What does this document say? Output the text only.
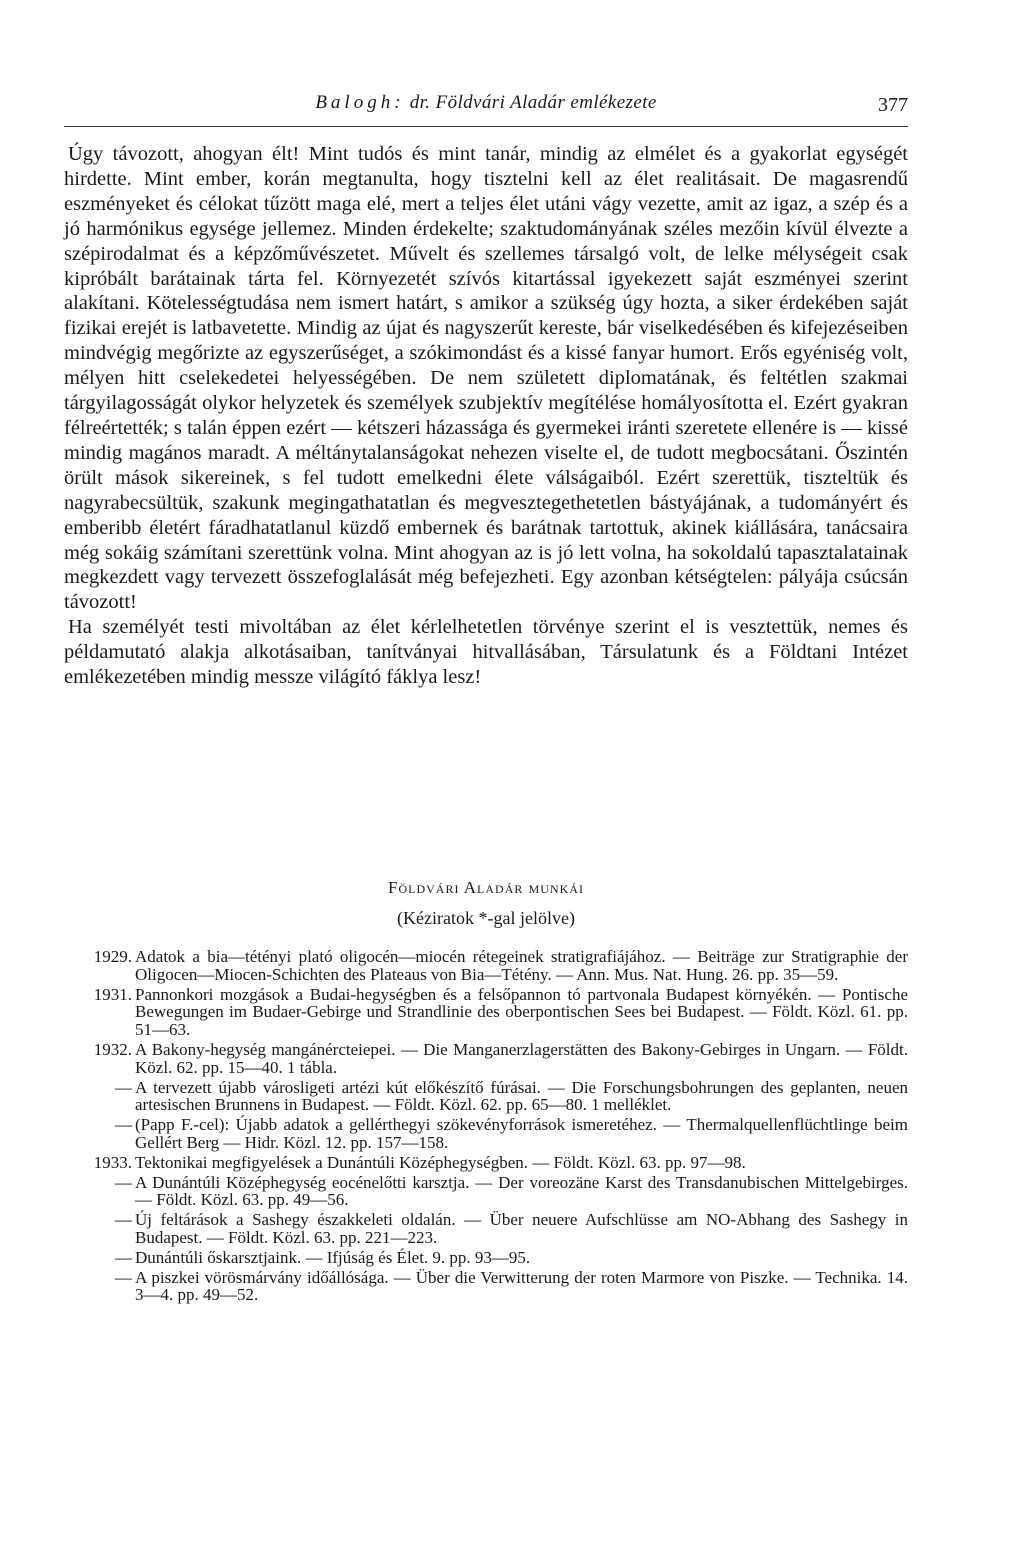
Balogh: dr. Földvári Aladár emlékezete	377

Úgy távozott, ahogyan élt! Mint tudós és mint tanár, mindig az elmélet és a gyakorlat egységét hirdette. Mint ember, korán megtanulta, hogy tisztelni kell az élet realitásait. De magasrendű eszményeket és célokat tűzött maga elé, mert a teljes élet utáni vágy vezette, amit az igaz, a szép és a jó harmónikus egysége jellemez. Minden érdekelte; szaktudományának széles mezőin kívül élvezte a szépirodalmat és a képzőművészetet. Művelt és szellemes társalgó volt, de lelke mélységeit csak kipróbált barátainak tárta fel. Környezetét szívós kitartással igyekezett saját eszményei szerint alakítani. Kötelességtudása nem ismert határt, s amikor a szükség úgy hozta, a siker érdekében saját fizikai erejét is latbavetette. Mindig az újat és nagyszerűt kereste, bár viselkedésében és kifejezéseiben mindvégig megőrizte az egyszerűséget, a szókimondást és a kissé fanyar humort. Erős egyéniség volt, mélyen hitt cselekedetei helyességében. De nem született diplomatának, és feltétlen szakmai tárgyilagosságát olykor helyzetek és személyek szubjektív megítélése homályosította el. Ezért gyakran félreértették; s talán éppen ezért — kétszeri házassága és gyermekei iránti szeretete ellenére is — kissé mindig magános maradt. A méltánytalanságokat nehezen viselte el, de tudott megbocsátani. Őszintén örült mások sikereinek, s fel tudott emelkedni élete válságaiból. Ezért szerettük, tiszteltük és nagyrabecsültük, szakunk megingathatatlan és megvesztegethetetlen bástyájának, a tudományért és emberibb életért fáradhatatlanul küzdő embernek és barátnak tartottuk, akinek kiállására, tanácsaira még sokáig számítani szerettünk volna. Mint ahogyan az is jó lett volna, ha sokoldalú tapasztalatainak megkezdett vagy tervezett összefoglalását még befejezheti. Egy azonban kétségtelen: pályája csúcsán távozott!

Ha személyét testi mivoltában az élet kérlelhetetlen törvénye szerint el is vesztettük, nemes és példamutató alakja alkotásaiban, tanítványai hitvallásában, Társulatunk és a Földtani Intézet emlékezetében mindig messze világító fáklya lesz!

Földvári Aladár munkái
(Kéziratok *-gal jelölve)
1929. Adatok a bia—tétényi plató oligocén—miocén rétegeinek stratigrafiájához. — Beiträge zur Stratigraphie der Oligocen—Miocen-Schichten des Plateaus von Bia—Tétény. — Ann. Mus. Nat. Hung. 26. pp. 35—59.
1931. Pannonkori mozgások a Budai-hegységben és a felsőpannon tó partvonala Budapest környékén. — Pontische Bewegungen im Budaer-Gebirge und Strandlinie des oberpontischen Sees bei Budapest. — Földt. Közl. 61. pp. 51—63.
1932. A Bakony-hegység mangánércteiepei. — Die Manganerzlagerstätten des Bakony-Gebirges in Ungarn. — Földt. Közl. 62. pp. 15—40. 1 tábla.
— A tervezett újabb városligeti artézi kút előkészítő fúrásai. — Die Forschungsbohrungen des geplanten, neuen artesischen Brunnens in Budapest. — Földt. Közl. 62. pp. 65—80. 1 melléklet.
— (Papp F.-cel): Újabb adatok a gellérthegyi szökevényforrások ismeretéhez. — Thermalquellenflüchtlinge beim Gellért Berg — Hidr. Közl. 12. pp. 157—158.
1933. Tektonikai megfigyelések a Dunántúli Középhegységben. — Földt. Közl. 63. pp. 97—98.
— A Dunántúli Középhegység eocénelőtti karsztja. — Der voreozäne Karst des Transdanubischen Mittelgebirges. — Földt. Közl. 63. pp. 49—56.
— Új feltárások a Sashegy északkeleti oldalán. — Über neuere Aufschlüsse am NO-Abhang des Sashegy in Budapest. — Földt. Közl. 63. pp. 221—223.
— Dunántúli őskarsztjaink. — Ifjúság és Élet. 9. pp. 93—95.
— A piszkei vörösmárvány időállósága. — Über die Verwitterung der roten Marmore von Piszke. — Technika. 14. 3—4. pp. 49—52.
